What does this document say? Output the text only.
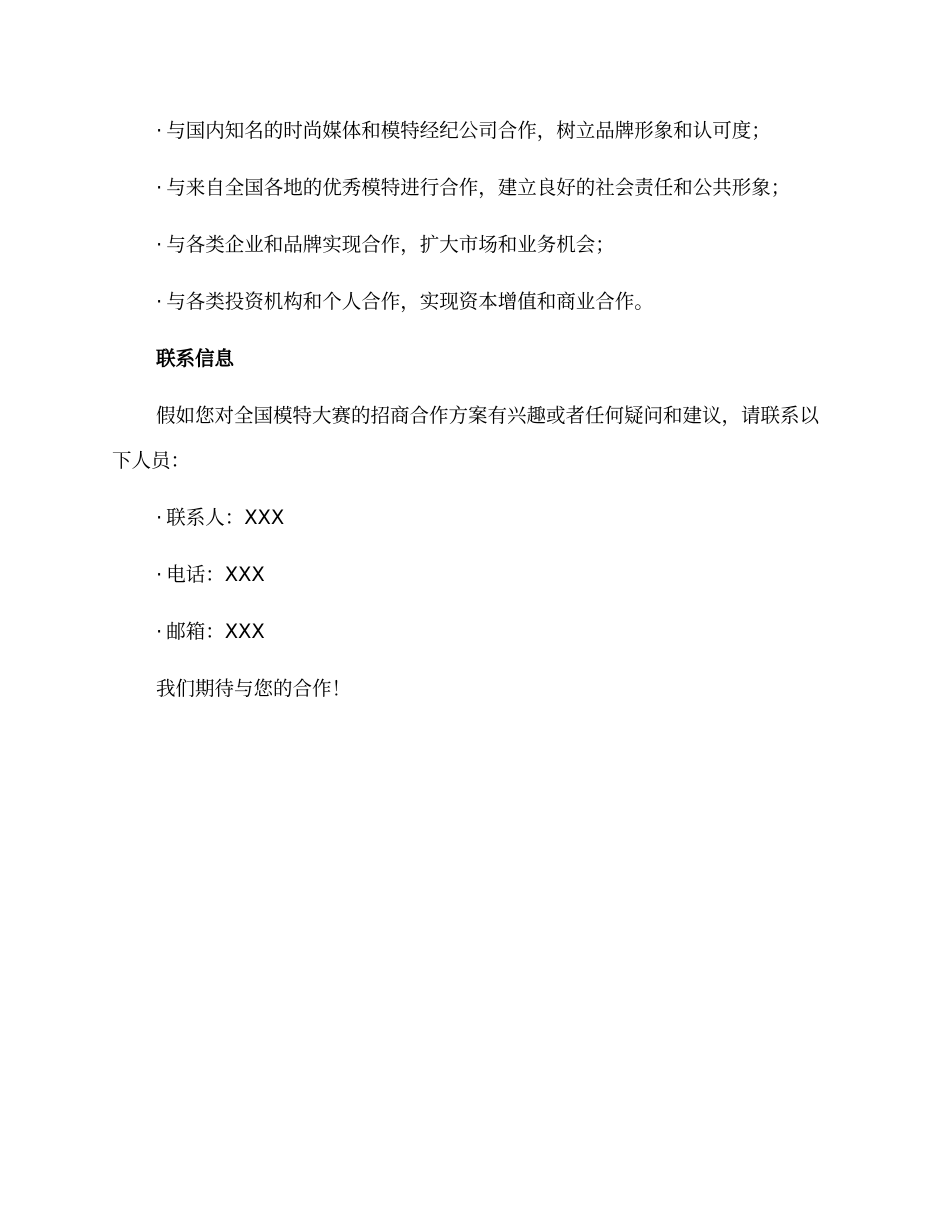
· 与国内知名的时尚媒体和模特经纪公司合作，树立品牌形象和认可度；

· 与来自全国各地的优秀模特进行合作，建立良好的社会责任和公共形象；

· 与各类企业和品牌实现合作，扩大市场和业务机会；

· 与各类投资机构和个人合作，实现资本增值和商业合作。

联系信息

假如您对全国模特大赛的招商合作方案有兴趣或者任何疑问和建议，请联系以下人员：

· 联系人：XXX

· 电话：XXX

· 邮箱：XXX

我们期待与您的合作！
